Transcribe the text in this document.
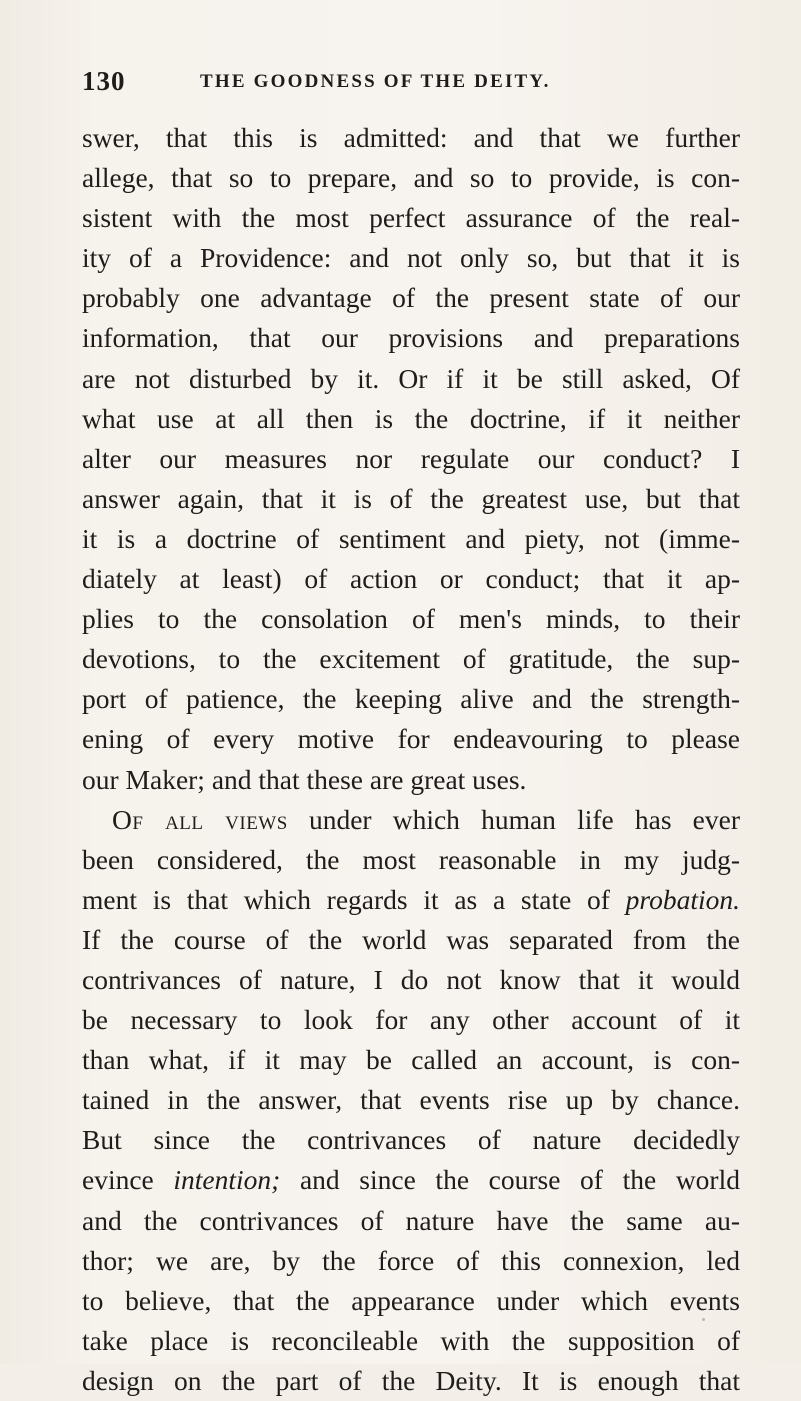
130	THE GOODNESS OF THE DEITY.
swer, that this is admitted: and that we further
allege, that so to prepare, and so to provide, is con-
sistent with the most perfect assurance of the real-
ity of a Providence: and not only so, but that it is
probably one advantage of the present state of our
information, that our provisions and preparations
are not disturbed by it. Or if it be still asked, Of
what use at all then is the doctrine, if it neither
alter our measures nor regulate our conduct? I
answer again, that it is of the greatest use, but that
it is a doctrine of sentiment and piety, not (imme-
diately at least) of action or conduct; that it ap-
plies to the consolation of men's minds, to their
devotions, to the excitement of gratitude, the sup-
port of patience, the keeping alive and the strength-
ening of every motive for endeavouring to please
our Maker; and that these are great uses.
Of all views under which human life has ever
been considered, the most reasonable in my judg-
ment is that which regards it as a state of probation.
If the course of the world was separated from the
contrivances of nature, I do not know that it would
be necessary to look for any other account of it
than what, if it may be called an account, is con-
tained in the answer, that events rise up by chance.
But since the contrivances of nature decidedly
evince intention; and since the course of the world
and the contrivances of nature have the same au-
thor; we are, by the force of this connexion, led
to believe, that the appearance under which events
take place is reconcileable with the supposition of
design on the part of the Deity. It is enough that
